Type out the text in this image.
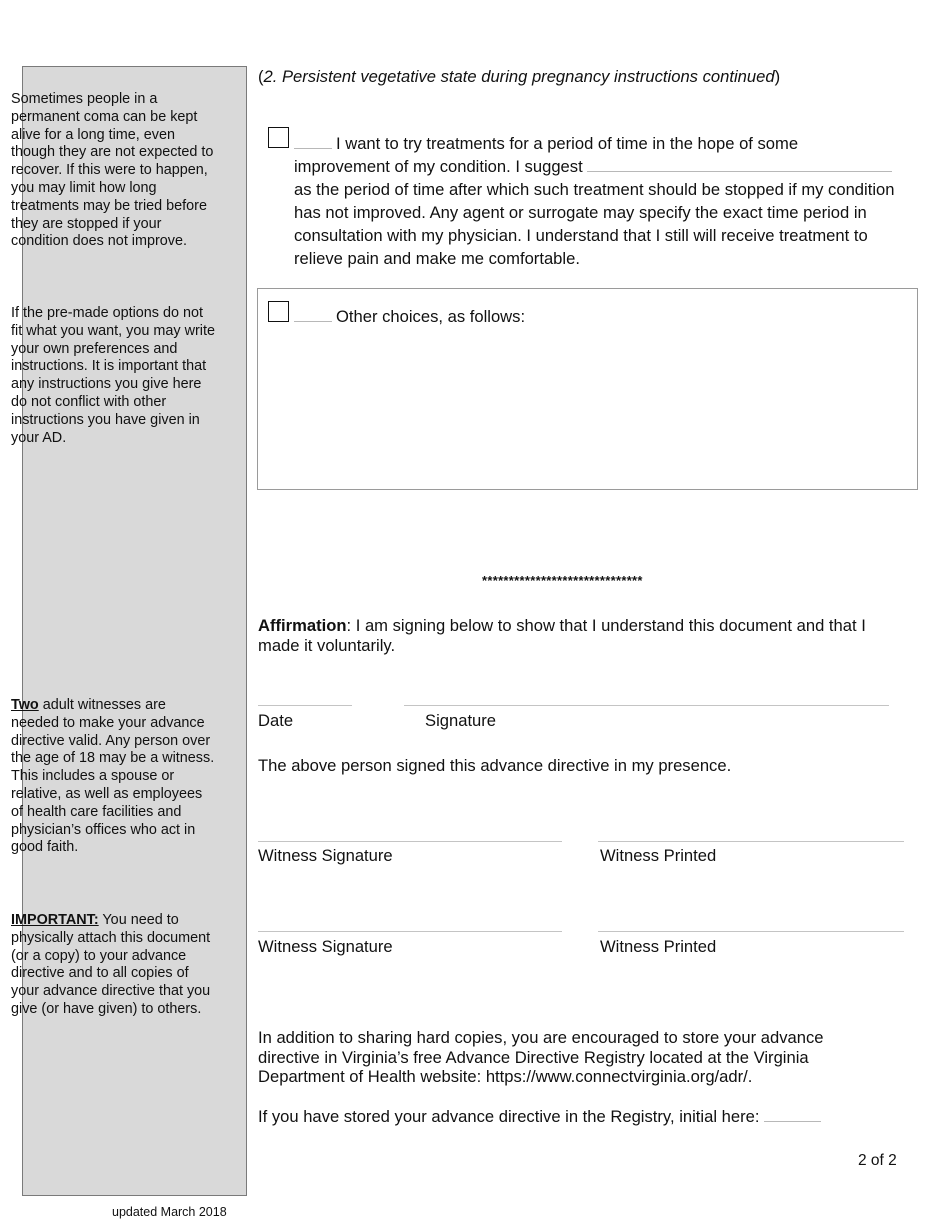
Sometimes people in a permanent coma can be kept alive for a long time, even though they are not expected to recover. If this were to happen, you may limit how long treatments may be tried before they are stopped if your condition does not improve.
If the pre-made options do not fit what you want, you may write your own preferences and instructions. It is important that any instructions you give here do not conflict with other instructions you have given in your AD.
Two adult witnesses are needed to make your advance directive valid. Any person over the age of 18 may be a witness. This includes a spouse or relative, as well as employees of health care facilities and physician’s offices who act in good faith.
IMPORTANT: You need to physically attach this document (or a copy) to your advance directive and to all copies of your advance directive that you give (or have given) to others.
updated March 2018
(2. Persistent vegetative state during pregnancy instructions continued)
I want to try treatments for a period of time in the hope of some
improvement of my condition. I suggest
as the period of time after which such treatment should be stopped if my condition has not improved. Any agent or surrogate may specify the exact time period in consultation with my physician. I understand that I still will receive treatment to relieve pain and make me comfortable.
Other choices, as follows:
******************************
Affirmation: I am signing below to show that I understand this document and that I made it voluntarily.
Date	Signature
The above person signed this advance directive in my presence.
Witness Signature	Witness Printed
Witness Signature	Witness Printed
In addition to sharing hard copies, you are encouraged to store your advance directive in Virginia’s free Advance Directive Registry located at the Virginia Department of Health website: https://www.connectvirginia.org/adr/.
If you have stored your advance directive in the Registry, initial here:
2 of 2
